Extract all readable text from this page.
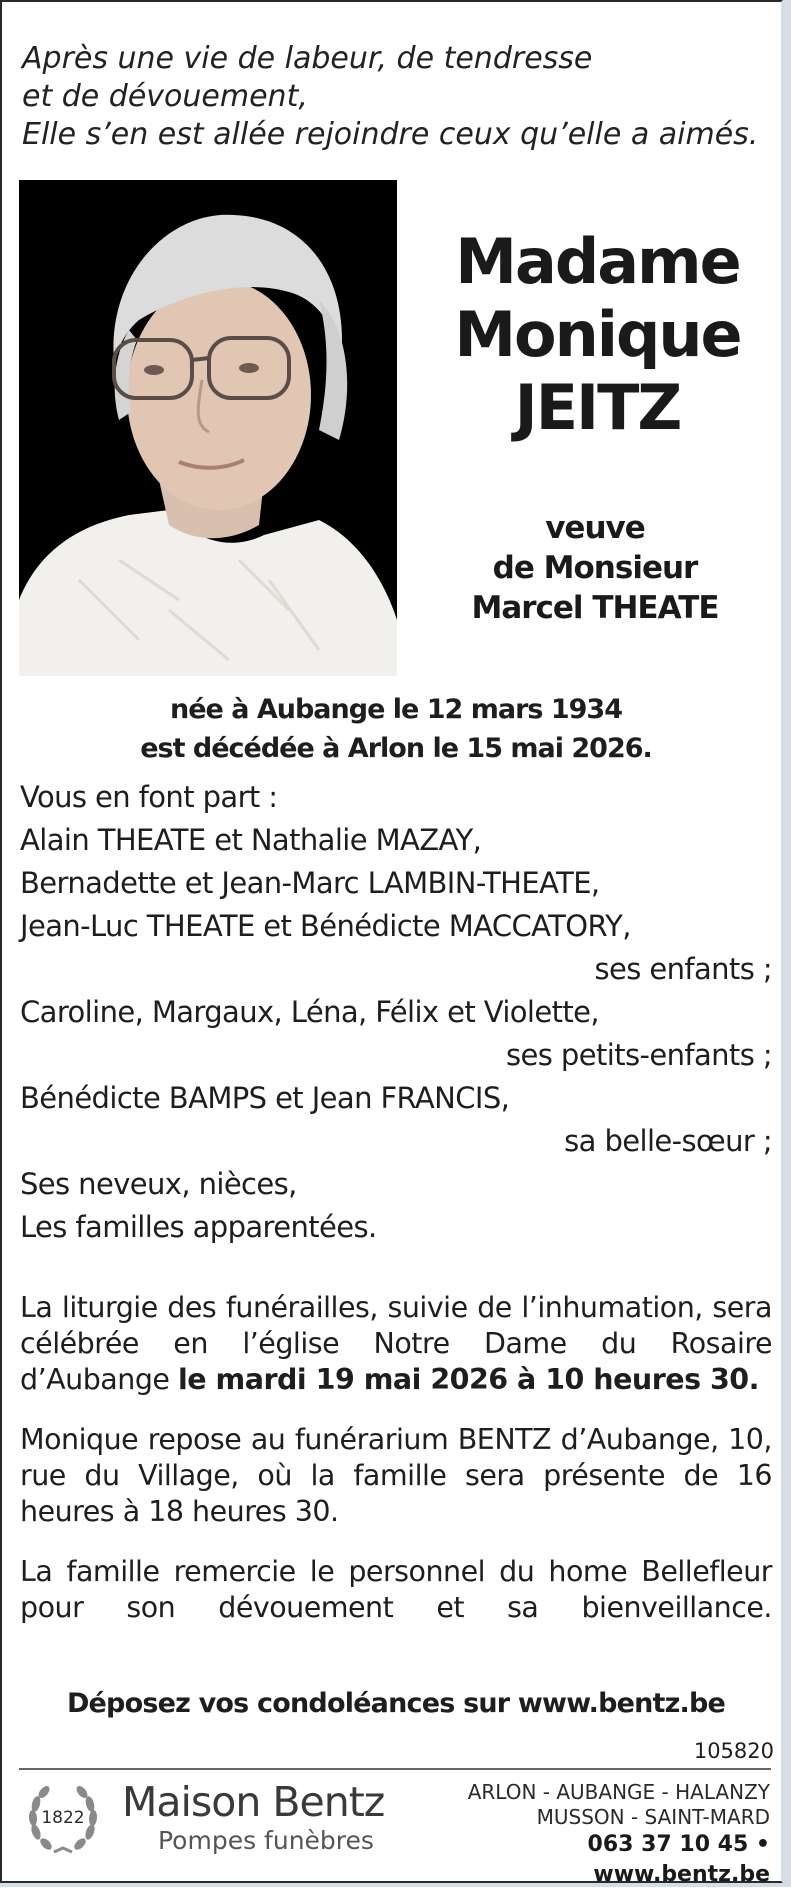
Après une vie de labeur, de tendresse
et de dévouement,
Elle s’en est allée rejoindre ceux qu’elle a aimés.
Madame
Monique
JEITZ
veuve
de Monsieur
Marcel THEATE
née à Aubange le 12 mars 1934
est décédée à Arlon le 15 mai 2026.
Vous en font part :
Alain THEATE et Nathalie MAZAY,
Bernadette et Jean-Marc LAMBIN-THEATE,
Jean-Luc THEATE et Bénédicte MACCATORY,
ses enfants ;
Caroline, Margaux, Léna, Félix et Violette,
ses petits-enfants ;
Bénédicte BAMPS et Jean FRANCIS,
sa belle-sœur ;
Ses neveux, nièces,
Les familles apparentées.
La liturgie des funérailles, suivie de l’inhumation, sera célébrée en l’église Notre Dame du Rosaire d’Aubange le mardi 19 mai 2026 à 10 heures 30.
Monique repose au funérarium BENTZ d’Aubange, 10, rue du Village, où la famille sera présente de 16 heures à 18 heures 30.
La famille remercie le personnel du home Bellefleur pour son dévouement et sa bienveillance.
Déposez vos condoléances sur www.bentz.be
105820
1822 Maison Bentz
Pompes funèbres
ARLON - AUBANGE - HALANZY
MUSSON - SAINT-MARD
063 37 10 45 • www.bentz.be
